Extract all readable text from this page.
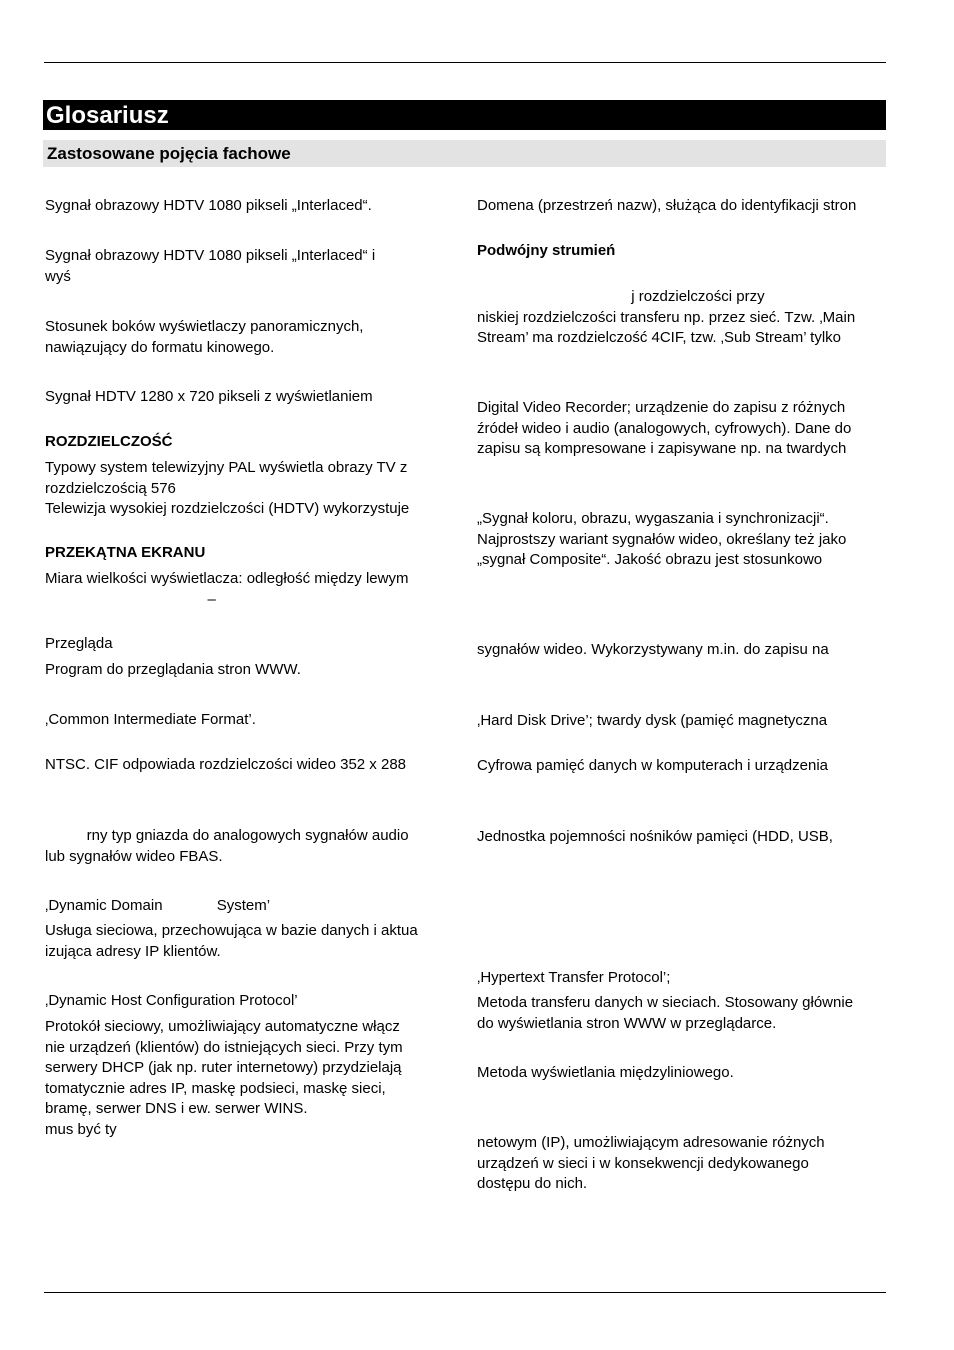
Glosariusz
Zastosowane pojęcia fachowe
Sygnał obrazowy HDTV 1080 pikseli „Interlaced“.
Sygnał obrazowy HDTV 1080 pikseli „Interlaced“ i
wyś
Stosunek boków wyświetlaczy panoramicznych,
nawiązujący do formatu kinowego.
Sygnał HDTV 1280 x 720 pikseli z wyświetlaniem
ROZDZIELCZOŚĆ
Typowy system telewizyjny PAL wyświetla obrazy TV z
rozdzielczością 576
Telewizja wysokiej rozdzielczości (HDTV) wykorzystuje
PRZEKĄTNA EKRANU
Miara wielkości wyświetlacza: odległość między lewym
–
Przegląda
Program do przeglądania stron WWW.
‚Common Intermediate Format’.
NTSC. CIF odpowiada rozdzielczości wideo 352 x 288
rny typ gniazda do analogowych sygnałów audio
lub sygnałów wideo FBAS.
‚Dynamic Domain             System’
Usługa sieciowa, przechowująca w bazie danych i aktua
izująca adresy IP klientów.
‚Dynamic Host Configuration Protocol’
Protokół sieciowy, umożliwiający automatyczne włącz
nie urządzeń (klientów) do istniejących sieci. Przy tym
serwery DHCP (jak np. ruter internetowy) przydzielają
tomatycznie adres IP, maskę podsieci, maskę sieci,
bramę, serwer DNS i ew. serwer WINS.
mus być ty
Domena (przestrzeń nazw), służąca do identyfikacji stron
Podwójny strumień
j rozdzielczości przy
niskiej rozdzielczości transferu np. przez sieć. Tzw. ‚Main
Stream’ ma rozdzielczość 4CIF, tzw. ‚Sub Stream’ tylko
Digital Video Recorder; urządzenie do zapisu z różnych
źródeł wideo i audio (analogowych, cyfrowych). Dane do
zapisu są kompresowane i zapisywane np. na twardych
„Sygnał koloru, obrazu, wygaszania i synchronizacji“.
Najprostszy wariant sygnałów wideo, określany też jako
„sygnał Composite“. Jakość obrazu jest stosunkowo
sygnałów wideo. Wykorzystywany m.in. do zapisu na
‚Hard Disk Drive’; twardy dysk (pamięć magnetyczna
Cyfrowa pamięć danych w komputerach i urządzenia
Jednostka pojemności nośników pamięci (HDD, USB,
‚Hypertext Transfer Protocol’;
Metoda transferu danych w sieciach. Stosowany głównie
do wyświetlania stron WWW w przeglądarce.
Metoda wyświetlania międzyliniowego.
netowym (IP), umożliwiającym adresowanie różnych
urządzeń w sieci i w konsekwencji dedykowanego
dostępu do nich.
